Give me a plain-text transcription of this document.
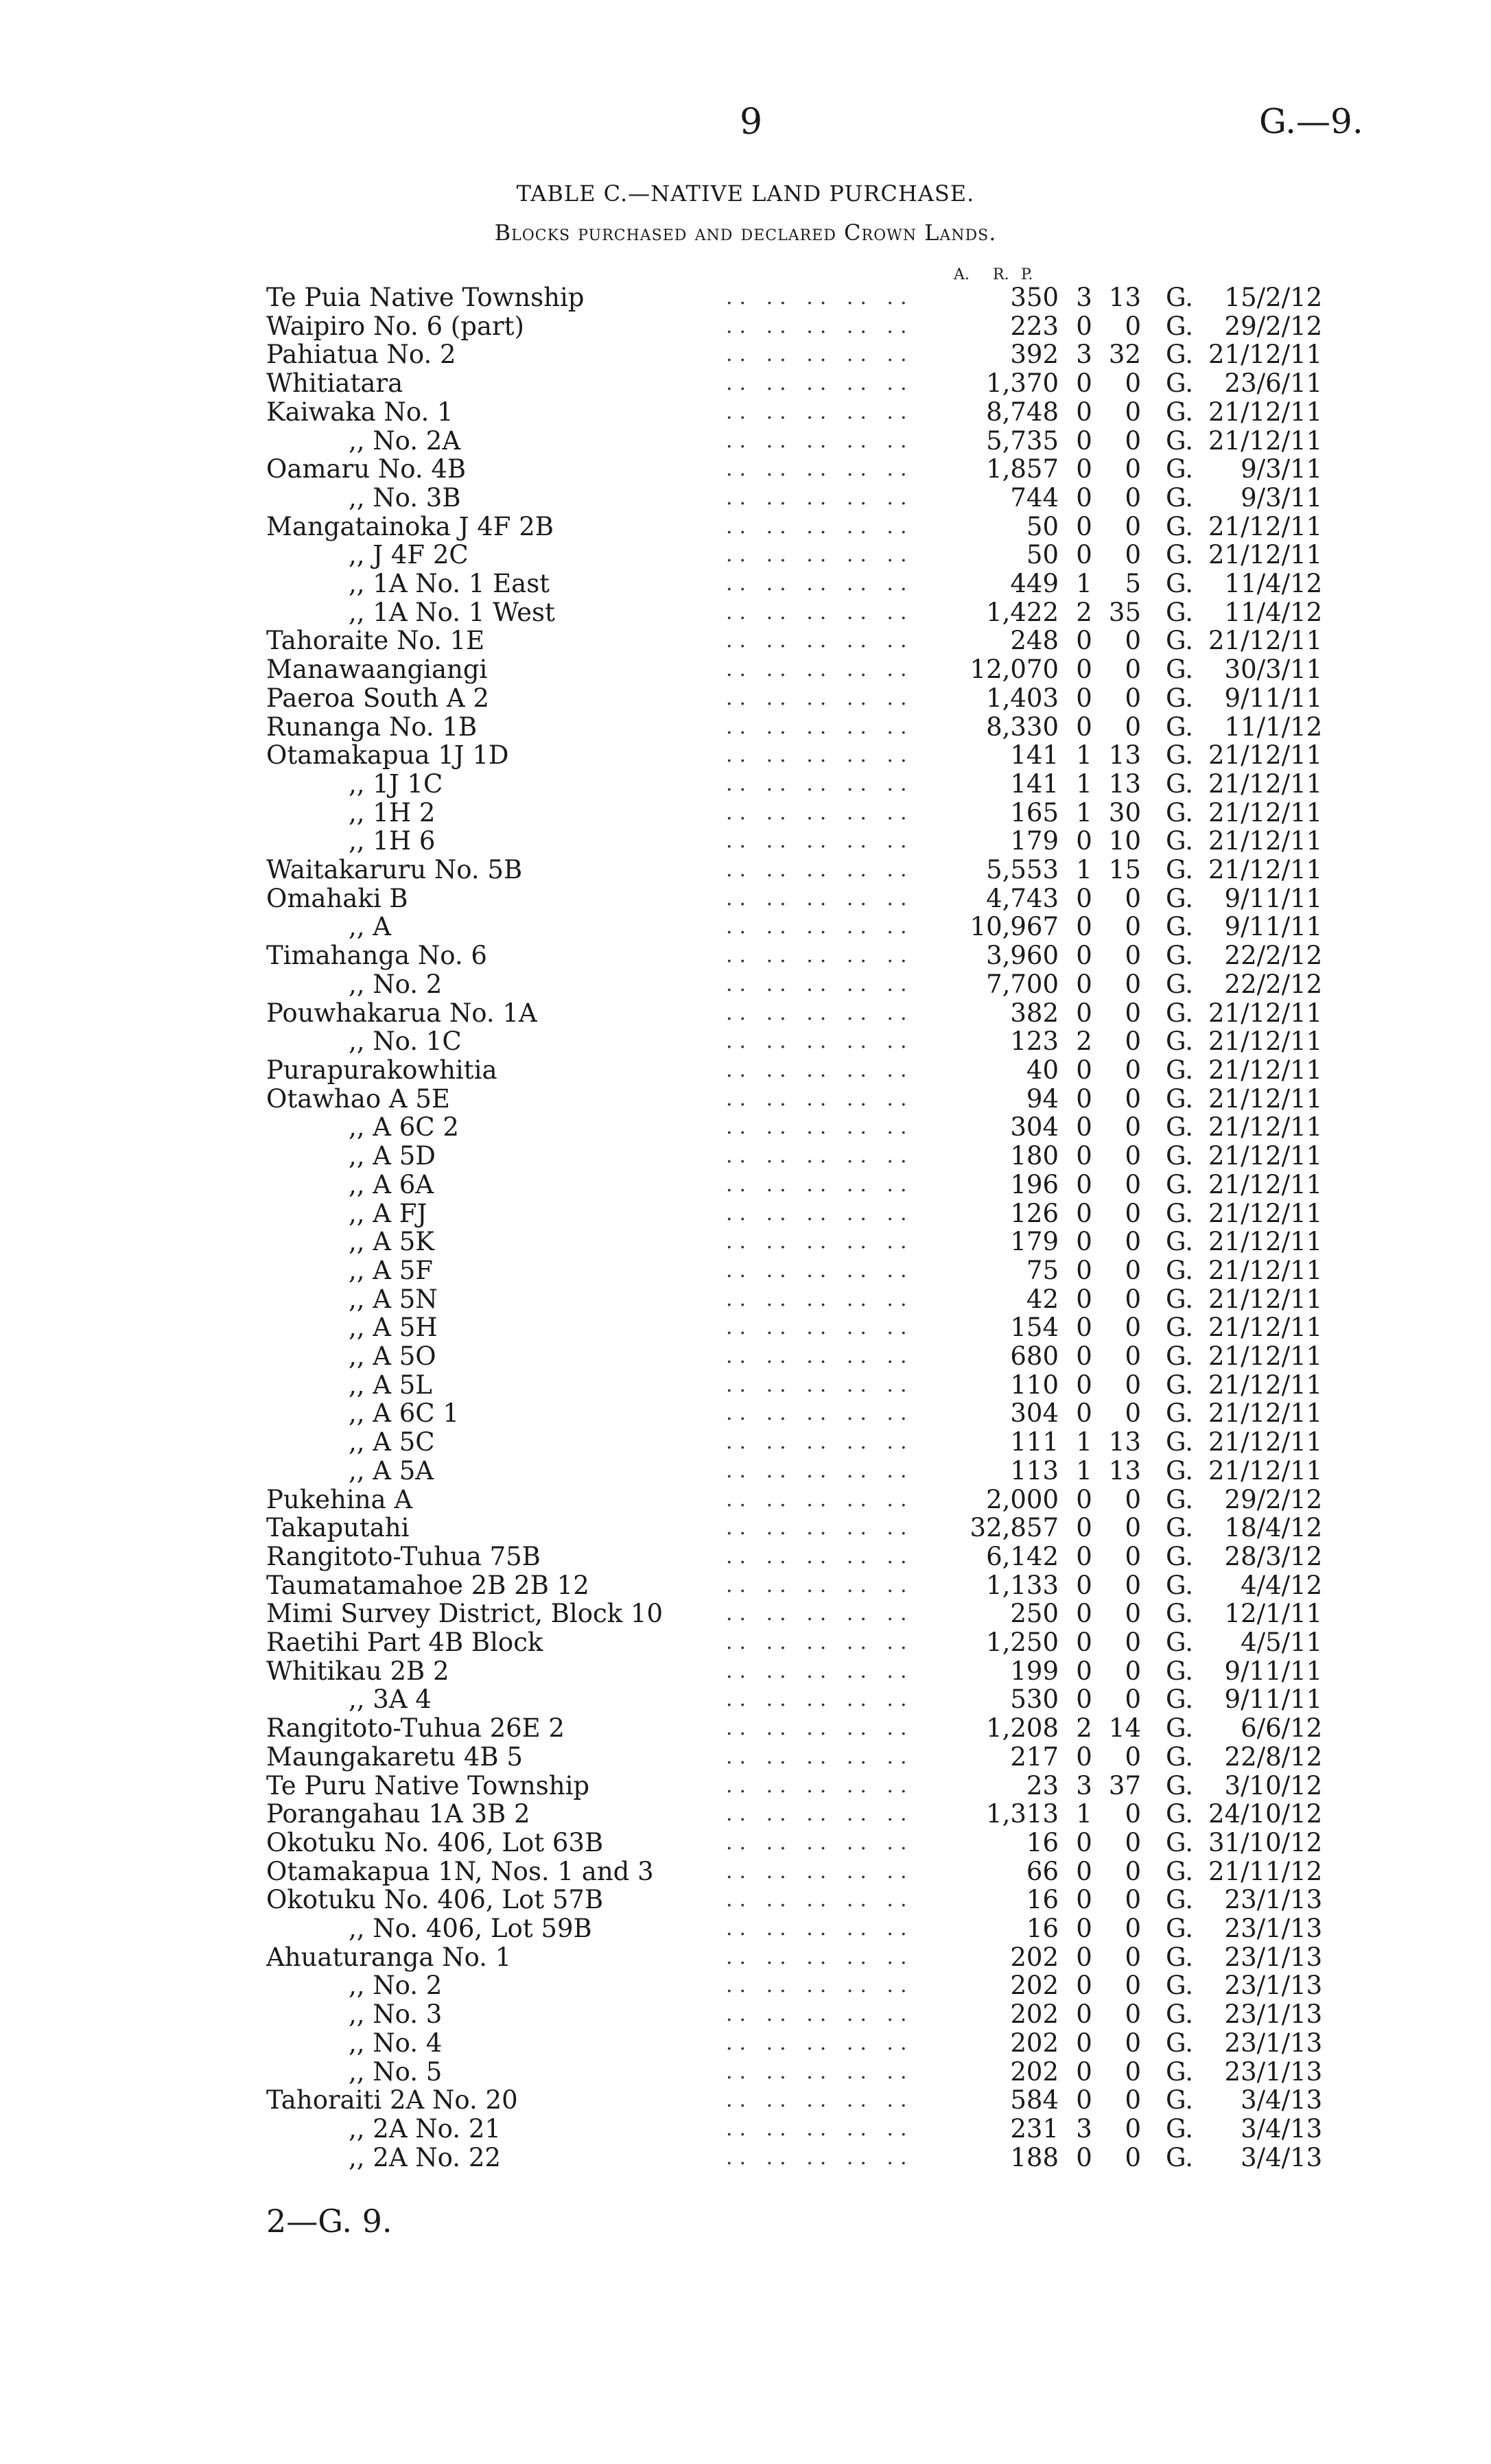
9	G.—9.
TABLE C.—NATIVE LAND PURCHASE.
Blocks purchased and declared Crown Lands.
A. R. P.
Te Puia Native Township	.. .. .. .. ..	350	3	13	G.	15/2/12
Waipiro No. 6 (part)	.. .. .. .. ..	223	0	0	G.	29/2/12
Pahiatua No. 2	.. .. .. .. ..	392	3	32	G.	21/12/11
Whitiatara	.. .. .. .. ..	1,370	0	0	G.	23/6/11
Kaiwaka No. 1	.. .. .. .. ..	8,748	0	0	G.	21/12/11
,, No. 2A	.. .. .. .. ..	5,735	0	0	G.	21/12/11
Oamaru No. 4B	.. .. .. .. ..	1,857	0	0	G.	9/3/11
,, No. 3B	.. .. .. .. ..	744	0	0	G.	9/3/11
Mangatainoka J 4F 2B	.. .. .. .. ..	50	0	0	G.	21/12/11
,, J 4F 2C	.. .. .. .. ..	50	0	0	G.	21/12/11
,, 1A No. 1 East	.. .. .. .. ..	449	1	5	G.	11/4/12
,, 1A No. 1 West	.. .. .. .. ..	1,422	2	35	G.	11/4/12
Tahoraite No. 1E	.. .. .. .. ..	248	0	0	G.	21/12/11
Manawaangiangi	.. .. .. .. ..	12,070	0	0	G.	30/3/11
Paeroa South A 2	.. .. .. .. ..	1,403	0	0	G.	9/11/11
Runanga No. 1B	.. .. .. .. ..	8,330	0	0	G.	11/1/12
Otamakapua 1J 1D	.. .. .. .. ..	141	1	13	G.	21/12/11
,, 1J 1C	.. .. .. .. ..	141	1	13	G.	21/12/11
,, 1H 2	.. .. .. .. ..	165	1	30	G.	21/12/11
,, 1H 6	.. .. .. .. ..	179	0	10	G.	21/12/11
Waitakaruru No. 5B	.. .. .. .. ..	5,553	1	15	G.	21/12/11
Omahaki B	.. .. .. .. ..	4,743	0	0	G.	9/11/11
,, A	.. .. .. .. ..	10,967	0	0	G.	9/11/11
Timahanga No. 6	.. .. .. .. ..	3,960	0	0	G.	22/2/12
,, No. 2	.. .. .. .. ..	7,700	0	0	G.	22/2/12
Pouwhakarua No. 1A	.. .. .. .. ..	382	0	0	G.	21/12/11
,, No. 1C	.. .. .. .. ..	123	2	0	G.	21/12/11
Purapurakowhitia	.. .. .. .. ..	40	0	0	G.	21/12/11
Otawhao A 5E	.. .. .. .. ..	94	0	0	G.	21/12/11
,, A 6C 2	.. .. .. .. ..	304	0	0	G.	21/12/11
,, A 5D	.. .. .. .. ..	180	0	0	G.	21/12/11
,, A 6A	.. .. .. .. ..	196	0	0	G.	21/12/11
,, A FJ	.. .. .. .. ..	126	0	0	G.	21/12/11
,, A 5K	.. .. .. .. ..	179	0	0	G.	21/12/11
,, A 5F	.. .. .. .. ..	75	0	0	G.	21/12/11
,, A 5N	.. .. .. .. ..	42	0	0	G.	21/12/11
,, A 5H	.. .. .. .. ..	154	0	0	G.	21/12/11
,, A 5O	.. .. .. .. ..	680	0	0	G.	21/12/11
,, A 5L	.. .. .. .. ..	110	0	0	G.	21/12/11
,, A 6C 1	.. .. .. .. ..	304	0	0	G.	21/12/11
,, A 5C	.. .. .. .. ..	111	1	13	G.	21/12/11
,, A 5A	.. .. .. .. ..	113	1	13	G.	21/12/11
Pukehina A	.. .. .. .. ..	2,000	0	0	G.	29/2/12
Takaputahi	.. .. .. .. ..	32,857	0	0	G.	18/4/12
Rangitoto-Tuhua 75B	.. .. .. .. ..	6,142	0	0	G.	28/3/12
Taumatamahoe 2B 2B 12	.. .. .. .. ..	1,133	0	0	G.	4/4/12
Mimi Survey District, Block 10	.. .. .. .. ..	250	0	0	G.	12/1/11
Raetihi Part 4B Block	.. .. .. .. ..	1,250	0	0	G.	4/5/11
Whitikau 2B 2	.. .. .. .. ..	199	0	0	G.	9/11/11
,, 3A 4	.. .. .. .. ..	530	0	0	G.	9/11/11
Rangitoto-Tuhua 26E 2	.. .. .. .. ..	1,208	2	14	G.	6/6/12
Maungakaretu 4B 5	.. .. .. .. ..	217	0	0	G.	22/8/12
Te Puru Native Township	.. .. .. .. ..	23	3	37	G.	3/10/12
Porangahau 1A 3B 2	.. .. .. .. ..	1,313	1	0	G.	24/10/12
Okotuku No. 406, Lot 63B	.. .. .. .. ..	16	0	0	G.	31/10/12
Otamakapua 1N, Nos. 1 and 3	.. .. .. .. ..	66	0	0	G.	21/11/12
Okotuku No. 406, Lot 57B	.. .. .. .. ..	16	0	0	G.	23/1/13
,, No. 406, Lot 59B	.. .. .. .. ..	16	0	0	G.	23/1/13
Ahuaturanga No. 1	.. .. .. .. ..	202	0	0	G.	23/1/13
,, No. 2	.. .. .. .. ..	202	0	0	G.	23/1/13
,, No. 3	.. .. .. .. ..	202	0	0	G.	23/1/13
,, No. 4	.. .. .. .. ..	202	0	0	G.	23/1/13
,, No. 5	.. .. .. .. ..	202	0	0	G.	23/1/13
Tahoraiti 2A No. 20	.. .. .. .. ..	584	0	0	G.	3/4/13
,, 2A No. 21	.. .. .. .. ..	231	3	0	G.	3/4/13
,, 2A No. 22	.. .. .. .. ..	188	0	0	G.	3/4/13
2—G. 9.
